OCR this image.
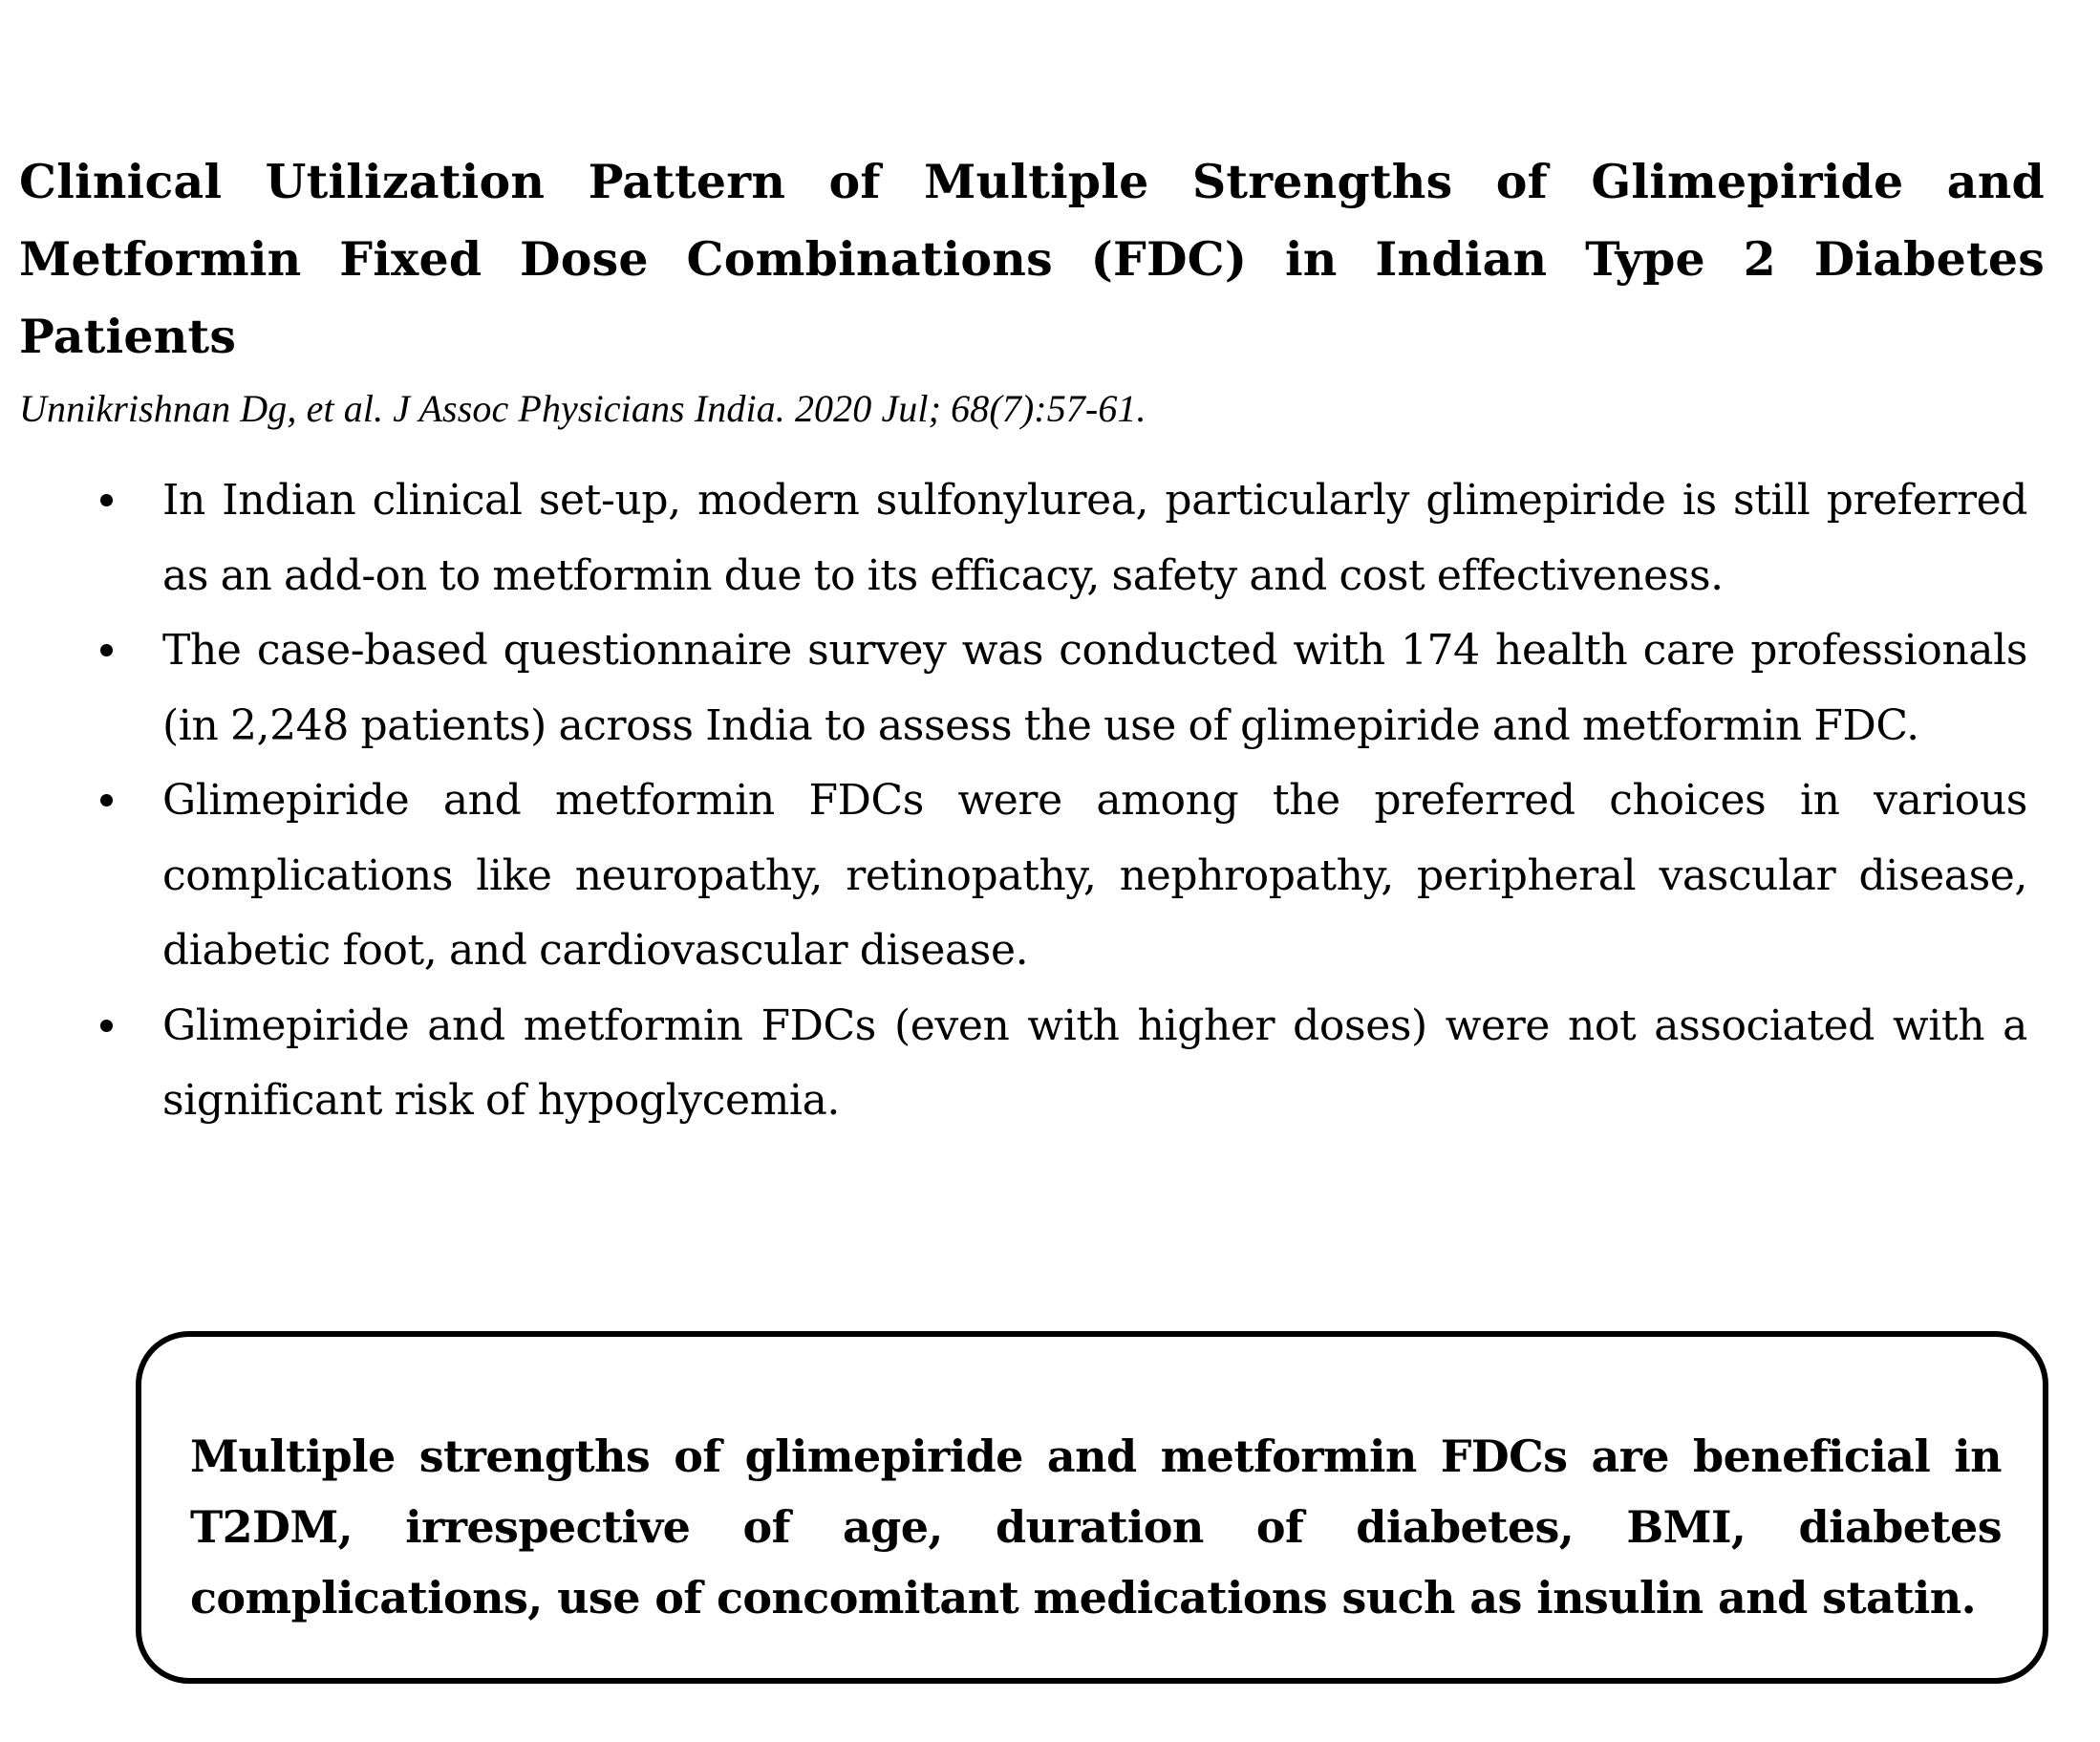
Clinical Utilization Pattern of Multiple Strengths of Glimepiride and Metformin Fixed Dose Combinations (FDC) in Indian Type 2 Diabetes Patients

Unnikrishnan Dg, et al. J Assoc Physicians India. 2020 Jul; 68(7):57-61.

In Indian clinical set-up, modern sulfonylurea, particularly glimepiride is still preferred as an add-on to metformin due to its efficacy, safety and cost effectiveness.
The case-based questionnaire survey was conducted with 174 health care professionals (in 2,248 patients) across India to assess the use of glimepiride and metformin FDC.
Glimepiride and metformin FDCs were among the preferred choices in various complications like neuropathy, retinopathy, nephropathy, peripheral vascular disease, diabetic foot, and cardiovascular disease.
Glimepiride and metformin FDCs (even with higher doses) were not associated with a significant risk of hypoglycemia.

Multiple strengths of glimepiride and metformin FDCs are beneficial in T2DM, irrespective of age, duration of diabetes, BMI, diabetes complications, use of concomitant medications such as insulin and statin.
